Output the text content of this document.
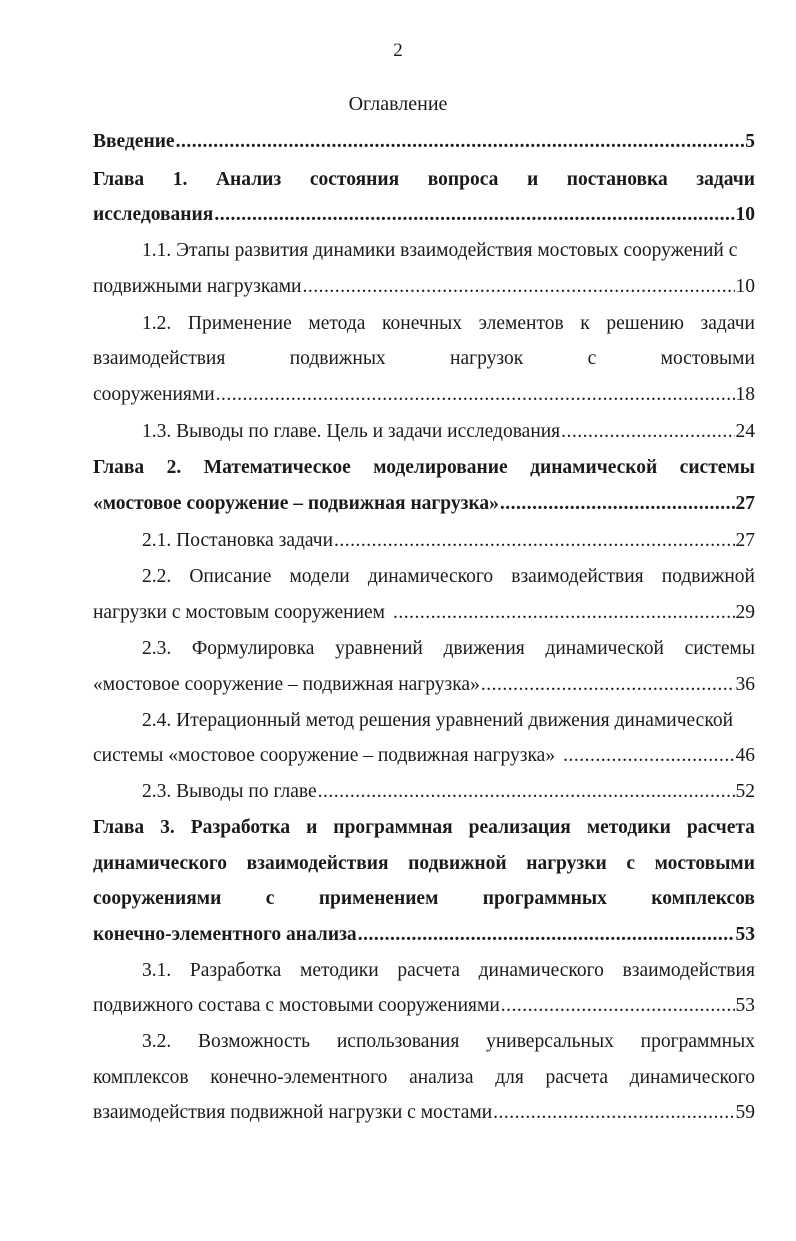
2
Оглавление
Введение .....	5
Глава 1. Анализ состояния вопроса и постановка задачи
исследования .....	10
1.1. Этапы развития динамики взаимодействия мостовых сооружений с
подвижными нагрузками .....	10
1.2. Применение метода конечных элементов к решению задачи
взаимодействия	подвижных	нагрузок	с	мостовыми
сооружениями .....	18
1.3. Выводы по главе. Цель и задачи исследования .....	24
Глава 2. Математическое моделирование динамической системы
«мостовое сооружение – подвижная нагрузка» .....	27
2.1. Постановка задачи .....	27
2.2. Описание модели динамического взаимодействия подвижной
нагрузки с мостовым сооружением .....	29
2.3. Формулировка уравнений движения динамической системы
«мостовое сооружение – подвижная нагрузка» .....	36
2.4. Итерационный метод решения уравнений движения динамической
системы «мостовое сооружение – подвижная нагрузка» .....	46
2.3. Выводы по главе .....	52
Глава 3. Разработка и программная реализация методики расчета
динамического взаимодействия подвижной нагрузки с мостовыми
сооружениями с применением программных комплексов
конечно-элементного анализа .....	53
3.1. Разработка методики расчета динамического взаимодействия
подвижного состава с мостовыми сооружениями .....	53
3.2. Возможность использования универсальных программных
комплексов конечно-элементного анализа для расчета динамического
взаимодействия подвижной нагрузки с мостами .....	59
